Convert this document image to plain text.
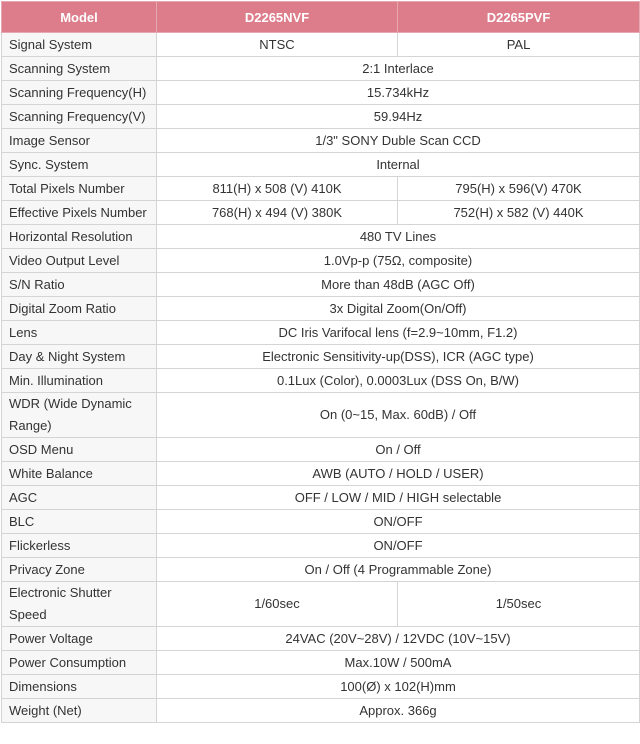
Model	D2265NVF	D2265PVF
Signal System	NTSC	PAL
Scanning System	2:1 Interlace	
Scanning Frequency(H)	15.734kHz	
Scanning Frequency(V)	59.94Hz	
Image Sensor	1/3" SONY Duble Scan CCD	
Sync. System	Internal	
Total Pixels Number	811(H) x 508 (V) 410K	795(H) x 596(V) 470K
Effective Pixels Number	768(H) x 494 (V) 380K	752(H) x 582 (V) 440K
Horizontal Resolution	480 TV Lines	
Video Output Level	1.0Vp-p (75Ω, composite)	
S/N Ratio	More than 48dB (AGC Off)	
Digital Zoom Ratio	3x Digital Zoom(On/Off)	
Lens	DC Iris Varifocal lens (f=2.9~10mm, F1.2)	
Day & Night System	Electronic Sensitivity-up(DSS), ICR (AGC type)	
Min. Illumination	0.1Lux (Color), 0.0003Lux (DSS On, B/W)	
WDR (Wide Dynamic Range)	On (0~15, Max. 60dB) / Off	
OSD Menu	On / Off	
White Balance	AWB (AUTO / HOLD / USER)	
AGC	OFF / LOW / MID / HIGH selectable	
BLC	ON/OFF	
Flickerless	ON/OFF	
Privacy Zone	On / Off (4 Programmable Zone)	
Electronic Shutter Speed	1/60sec	1/50sec
Power Voltage	24VAC (20V~28V) / 12VDC (10V~15V)	
Power Consumption	Max.10W / 500mA	
Dimensions	100(Ø) x 102(H)mm	
Weight (Net)	Approx. 366g	
